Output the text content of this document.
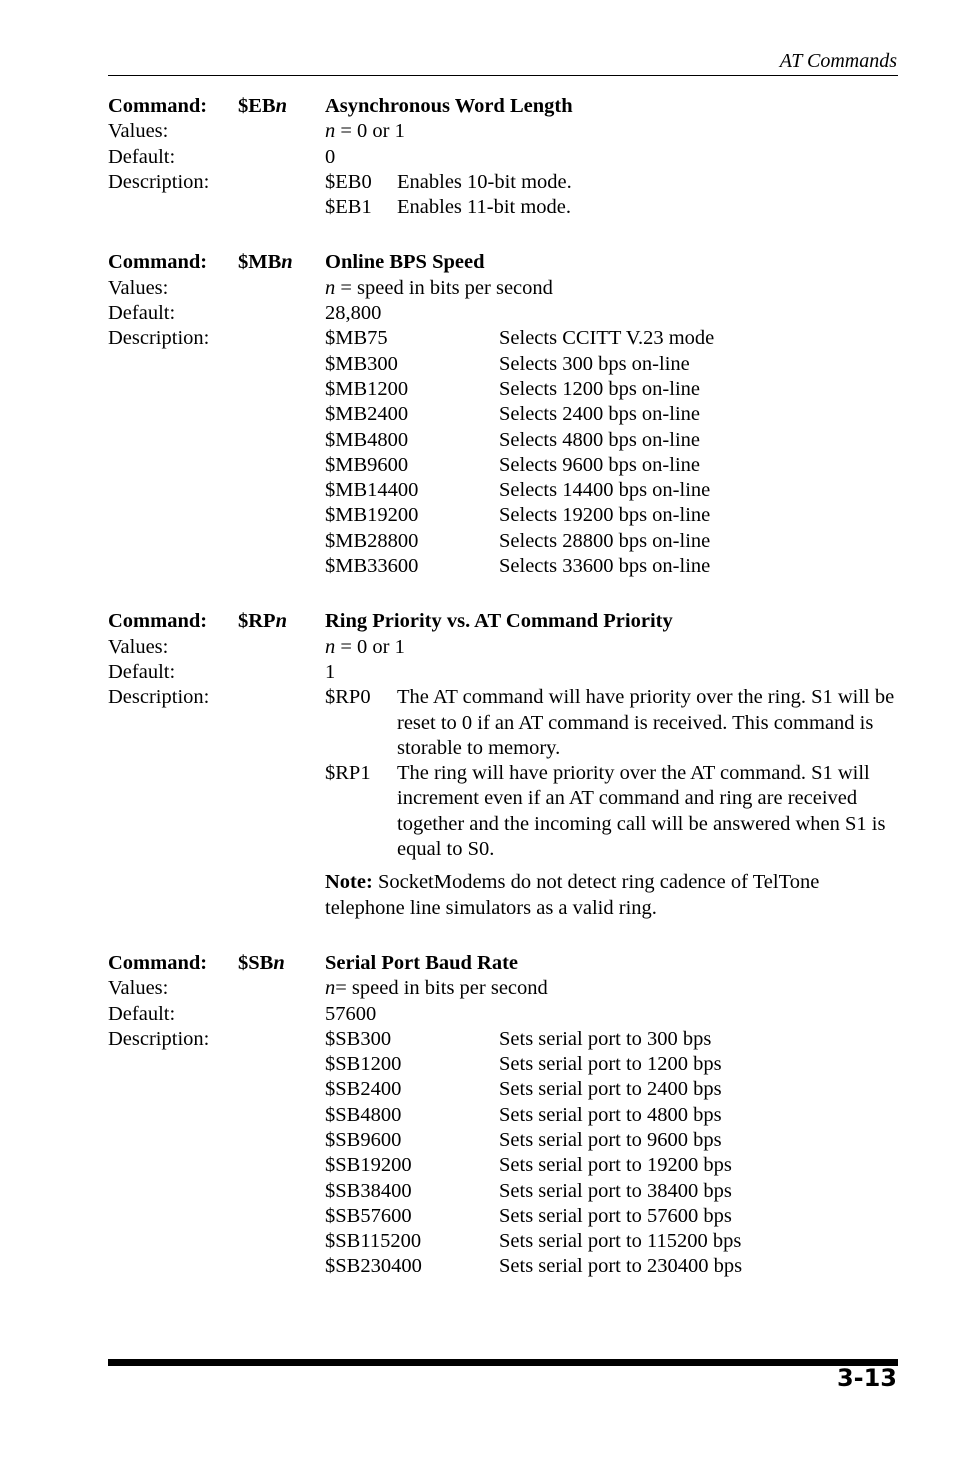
AT Commands
Command:	$EBn	Asynchronous Word Length
Values:	n = 0 or 1
Default:	0
Description:	$EB0	Enables 10-bit mode.
$EB1	Enables 11-bit mode.
Command:	$MBn	Online BPS Speed
Values:	n = speed in bits per second
Default:	28,800
Description:	$MB75	Selects CCITT V.23 mode
$MB300	Selects 300 bps on-line
$MB1200	Selects 1200 bps on-line
$MB2400	Selects 2400 bps on-line
$MB4800	Selects 4800 bps on-line
$MB9600	Selects 9600 bps on-line
$MB14400	Selects 14400 bps on-line
$MB19200	Selects 19200 bps on-line
$MB28800	Selects 28800 bps on-line
$MB33600	Selects 33600 bps on-line
Command:	$RPn	Ring Priority vs. AT Command Priority
Values:	n = 0 or 1
Default:	1
Description:	$RP0	The AT command will have priority over the ring. S1 will be reset to 0 if an AT command is received. This command is storable to memory.
$RP1	The ring will have priority over the AT command. S1 will increment even if an AT command and ring are received together and the incoming call will be answered when S1 is equal to S0.
Note: SocketModems do not detect ring cadence of TelTone telephone line simulators as a valid ring.
Command:	$SBn	Serial Port Baud Rate
Values:	n= speed in bits per second
Default:	57600
Description:	$SB300	Sets serial port to 300 bps
$SB1200	Sets serial port to 1200 bps
$SB2400	Sets serial port to 2400 bps
$SB4800	Sets serial port to 4800 bps
$SB9600	Sets serial port to 9600 bps
$SB19200	Sets serial port to 19200 bps
$SB38400	Sets serial port to 38400 bps
$SB57600	Sets serial port to 57600 bps
$SB115200	Sets serial port to 115200 bps
$SB230400	Sets serial port to 230400 bps
3-13
